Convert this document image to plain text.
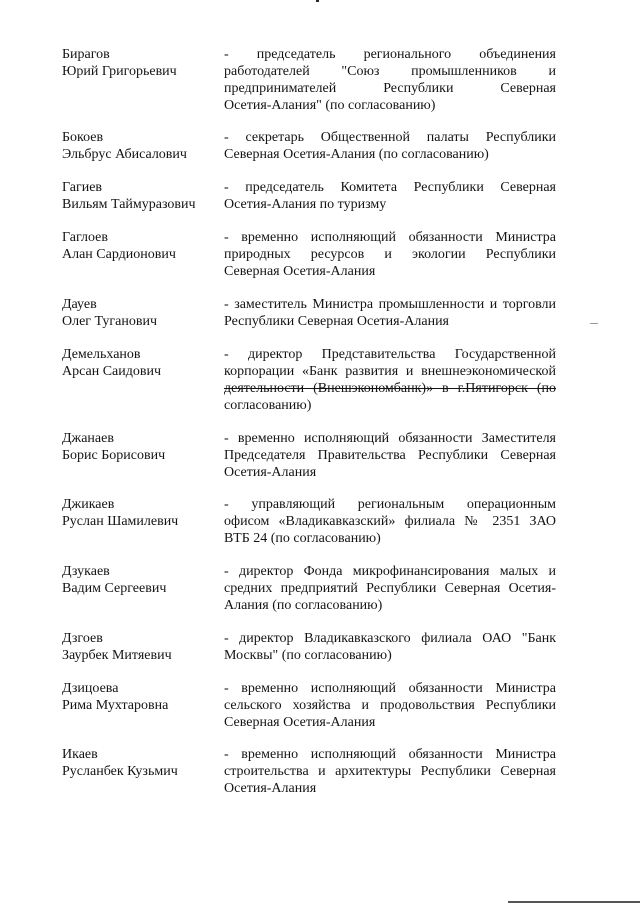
Бирагов
Юрий Григорьевич
- председатель регионального объединения
работодателей "Союз промышленников и
предпринимателей Республики Северная
Осетия-Алания" (по согласованию)
Бокоев
Эльбрус Абисалович
- секретарь Общественной палаты Республики
Северная Осетия-Алания (по согласованию)
Гагиев
Вильям Таймуразович
- председатель Комитета Республики Северная
Осетия-Алания по туризму
Гаглоев
Алан Сардионович
- временно исполняющий обязанности Министра
природных ресурсов и экологии Республики
Северная Осетия-Алания
Дауев
Олег Туганович
- заместитель Министра промышленности и торговли
Республики Северная Осетия-Алания
Демельханов
Арсан Саидович
- директор Представительства Государственной
корпорации «Банк развития и внешнеэкономической
деятельности (Внешэкономбанк)» в г.Пятигорск (по
согласованию)
Джанаев
Борис Борисович
- временно исполняющий обязанности Заместителя
Председателя Правительства Республики Северная
Осетия-Алания
Джикаев
Руслан Шамилевич
- управляющий региональным операционным
офисом «Владикавказский» филиала № 2351 ЗАО
ВТБ 24 (по согласованию)
Дзукаев
Вадим Сергеевич
- директор Фонда микрофинансирования малых и
средних предприятий Республики Северная Осетия-
Алания (по согласованию)
Дзгоев
Заурбек Митяевич
- директор Владикавказского филиала ОАО "Банк
Москвы" (по согласованию)
Дзицоева
Рима Мухтаровна
- временно исполняющий обязанности Министра
сельского хозяйства и продовольствия Республики
Северная Осетия-Алания
Икаев
Русланбек Кузьмич
- временно исполняющий обязанности Министра
строительства и архитектуры Республики Северная
Осетия-Алания
